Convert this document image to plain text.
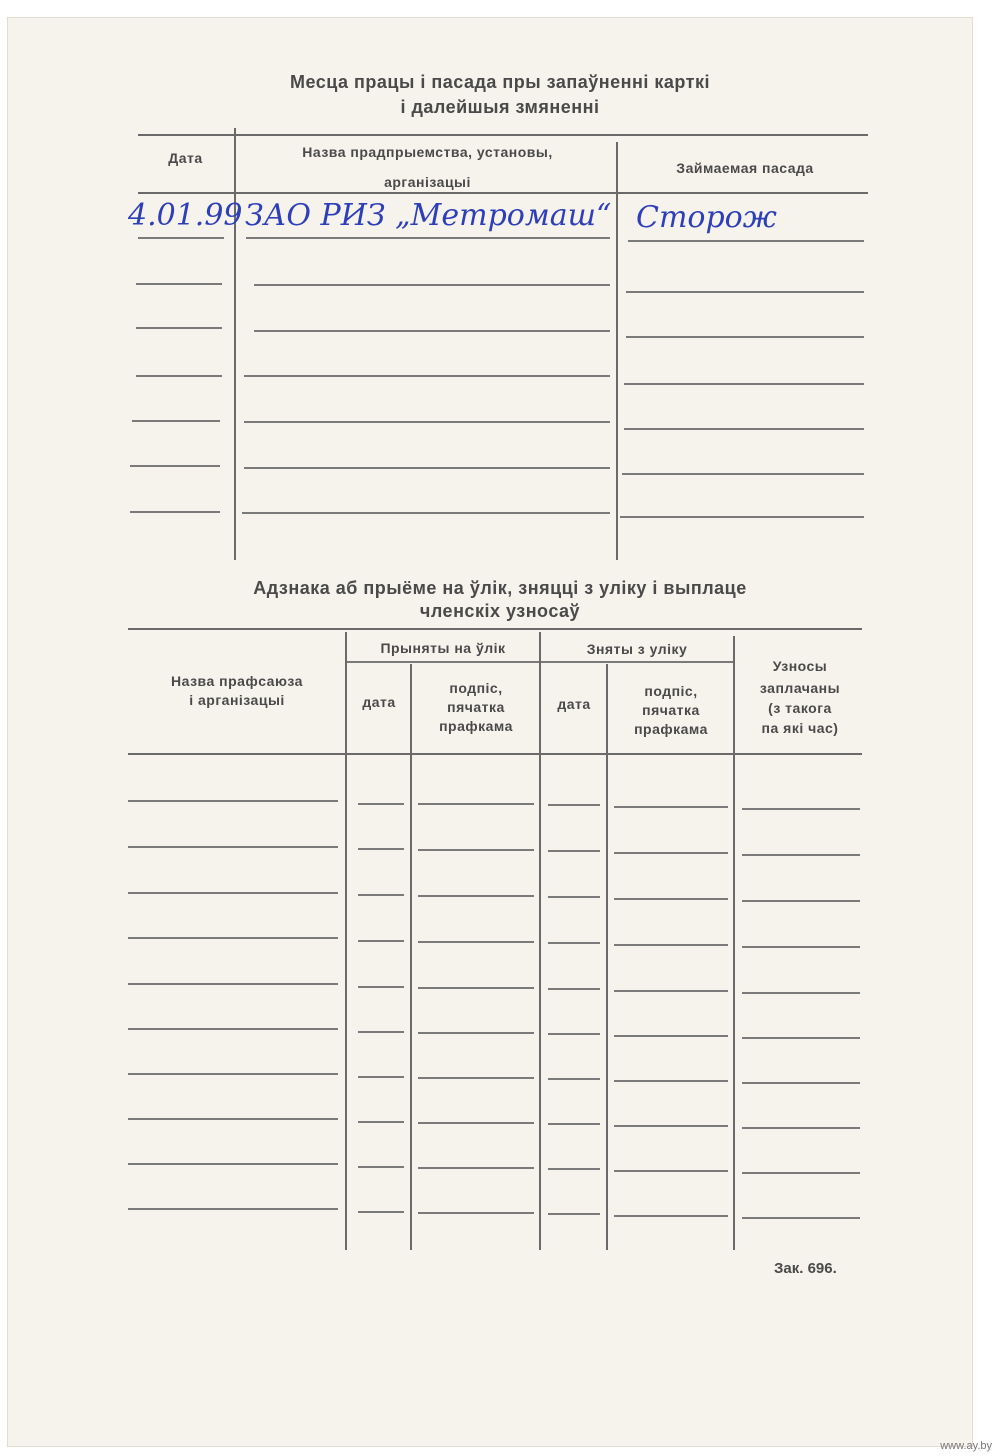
Месца працы і пасада пры запаўненні карткі
і далейшыя змяненні
Дата	Назва прадпрыемства, установы,
арганізацыі
Займаемая пасада
4.01.99 ЗАО РИЗ „Метромаш“ Сторож
Адзнака аб прыёме на ўлік, зняцці з уліку і выплаце
членскіх узносаў
Назва прафсаюза
і арганізацыі
Прыняты на ўлік	Зняты з уліку
дата
подпіс,
пячатка
прафкама
дата
подпіс,
пячатка
прафкама
Узносы
заплачаны
(з такога
па які час)
Зак. 696.
www.ay.by
